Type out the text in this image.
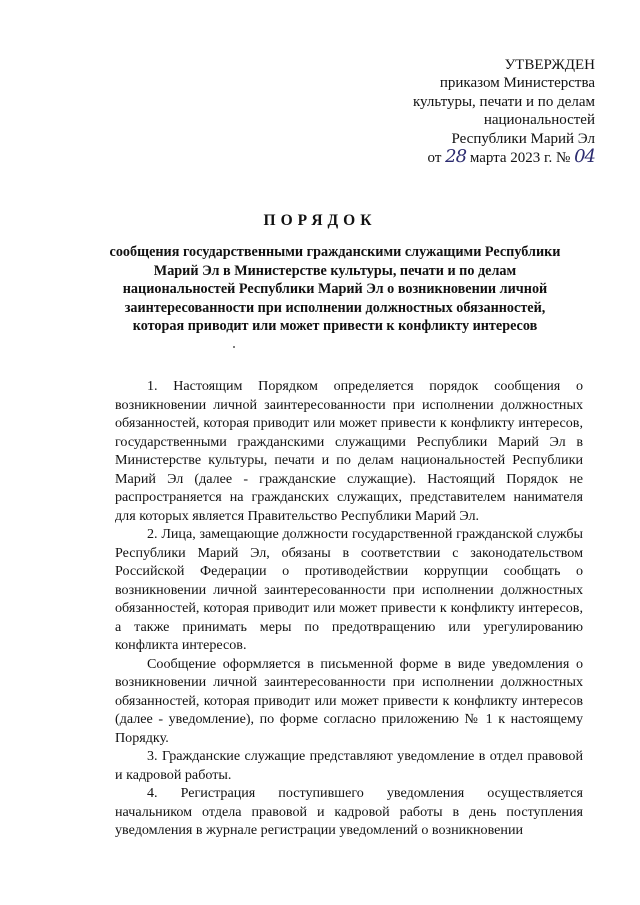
УТВЕРЖДЕН
приказом Министерства
культуры, печати и по делам
национальностей
Республики Марий Эл
от 28 марта 2023 г. № 04
ПОРЯДОК
сообщения государственными гражданскими служащими Республики Марий Эл в Министерстве культуры, печати и по делам национальностей Республики Марий Эл о возникновении личной заинтересованности при исполнении должностных обязанностей, которая приводит или может привести к конфликту интересов

1. Настоящим Порядком определяется порядок сообщения о возникновении личной заинтересованности при исполнении должностных обязанностей, которая приводит или может привести к конфликту интересов, государственными гражданскими служащими Республики Марий Эл в Министерстве культуры, печати и по делам национальностей Республики Марий Эл (далее - гражданские служащие). Настоящий Порядок не распространяется на гражданских служащих, представителем нанимателя для которых является Правительство Республики Марий Эл.

2. Лица, замещающие должности государственной гражданской службы Республики Марий Эл, обязаны в соответствии с законодательством Российской Федерации о противодействии коррупции сообщать о возникновении личной заинтересованности при исполнении должностных обязанностей, которая приводит или может привести к конфликту интересов, а также принимать меры по предотвращению или урегулированию конфликта интересов.

Сообщение оформляется в письменной форме в виде уведомления о возникновении личной заинтересованности при исполнении должностных обязанностей, которая приводит или может привести к конфликту интересов (далее - уведомление), по форме согласно приложению № 1 к настоящему Порядку.

3. Гражданские служащие представляют уведомление в отдел правовой и кадровой работы.

4. Регистрация поступившего уведомления осуществляется начальником отдела правовой и кадровой работы в день поступления уведомления в журнале регистрации уведомлений о возникновении
